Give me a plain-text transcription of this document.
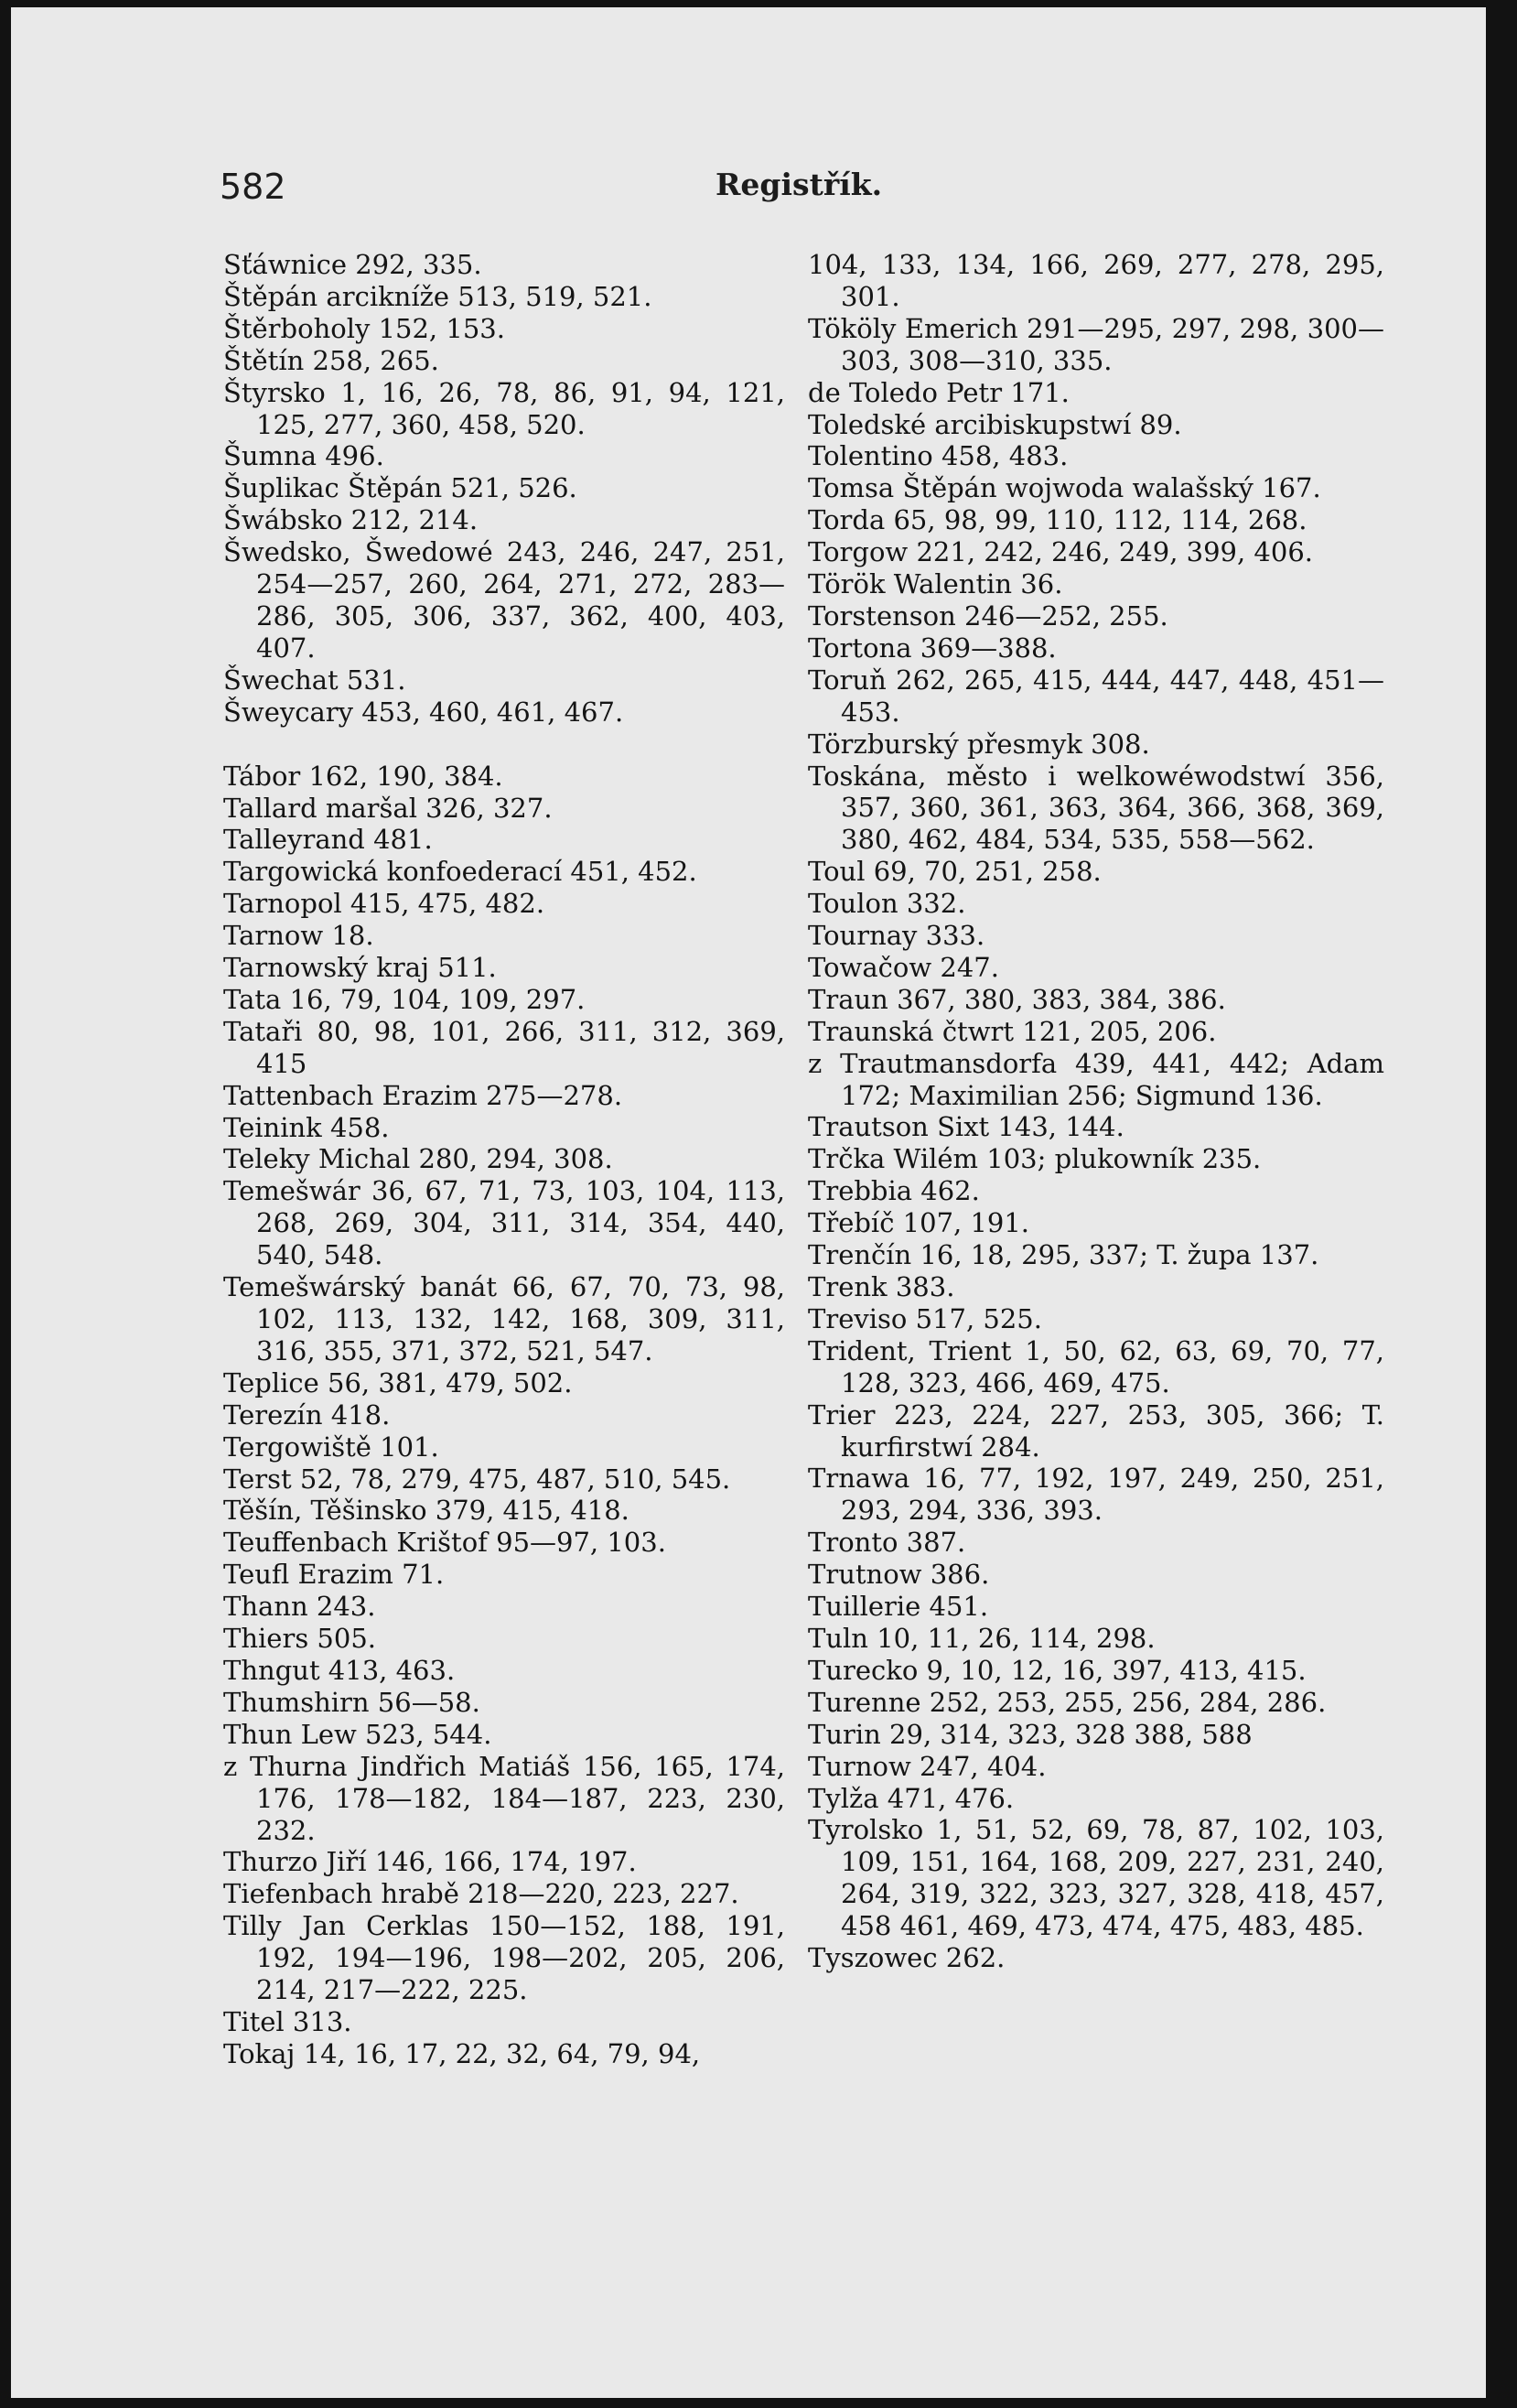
582	Registřík.
Sťáwnice 292, 335.
Štěpán arcikníže 513, 519, 521.
Štěrboholy 152, 153.
Štětín 258, 265.
Štyrsko 1, 16, 26, 78, 86, 91, 94, 121, 125, 277, 360, 458, 520.
Šumna 496.
Šuplikac Štěpán 521, 526.
Šwábsko 212, 214.
Šwedsko, Šwedowé 243, 246, 247, 251, 254—257, 260, 264, 271, 272, 283—286, 305, 306, 337, 362, 400, 403, 407.
Šwechat 531.
Šweycary 453, 460, 461, 467.
Tábor 162, 190, 384.
Tallard maršal 326, 327.
Talleyrand 481.
Targowická konfoederací 451, 452.
Tarnopol 415, 475, 482.
Tarnow 18.
Tarnowský kraj 511.
Tata 16, 79, 104, 109, 297.
Tataři 80, 98, 101, 266, 311, 312, 369, 415
Tattenbach Erazim 275—278.
Teinink 458.
Teleky Michal 280, 294, 308.
Temešwár 36, 67, 71, 73, 103, 104, 113, 268, 269, 304, 311, 314, 354, 440, 540, 548.
Temešwárský banát 66, 67, 70, 73, 98, 102, 113, 132, 142, 168, 309, 311, 316, 355, 371, 372, 521, 547.
Teplice 56, 381, 479, 502.
Terezín 418.
Tergowiště 101.
Terst 52, 78, 279, 475, 487, 510, 545.
Těšín, Těšinsko 379, 415, 418.
Teuffenbach Krištof 95—97, 103.
Teufl Erazim 71.
Thann 243.
Thiers 505.
Thngut 413, 463.
Thumshirn 56—58.
Thun Lew 523, 544.
z Thurna Jindřich Matiáš 156, 165, 174, 176, 178—182, 184—187, 223, 230, 232.
Thurzo Jiří 146, 166, 174, 197.
Tiefenbach hrabě 218—220, 223, 227.
Tilly Jan Cerklas 150—152, 188, 191, 192, 194—196, 198—202, 205, 206, 214, 217—222, 225.
Titel 313.
Tokaj 14, 16, 17, 22, 32, 64, 79, 94,
104, 133, 134, 166, 269, 277, 278, 295, 301.
Tököly Emerich 291—295, 297, 298, 300—303, 308—310, 335.
de Toledo Petr 171.
Toledské arcibiskupstwí 89.
Tolentino 458, 483.
Tomsa Štěpán wojwoda walašský 167.
Torda 65, 98, 99, 110, 112, 114, 268.
Torgow 221, 242, 246, 249, 399, 406.
Török Walentin 36.
Torstenson 246—252, 255.
Tortona 369—388.
Toruň 262, 265, 415, 444, 447, 448, 451—453.
Törzburský přesmyk 308.
Toskána, město i welkowéwodstwí 356, 357, 360, 361, 363, 364, 366, 368, 369, 380, 462, 484, 534, 535, 558—562.
Toul 69, 70, 251, 258.
Toulon 332.
Tournay 333.
Towačow 247.
Traun 367, 380, 383, 384, 386.
Traunská čtwrt 121, 205, 206.
z Trautmansdorfa 439, 441, 442; Adam 172; Maximilian 256; Sigmund 136.
Trautson Sixt 143, 144.
Trčka Wilém 103; plukowník 235.
Trebbia 462.
Třebíč 107, 191.
Trenčín 16, 18, 295, 337; T. župa 137.
Trenk 383.
Treviso 517, 525.
Trident, Trient 1, 50, 62, 63, 69, 70, 77, 128, 323, 466, 469, 475.
Trier 223, 224, 227, 253, 305, 366; T. kurfirstwí 284.
Trnawa 16, 77, 192, 197, 249, 250, 251, 293, 294, 336, 393.
Tronto 387.
Trutnow 386.
Tuillerie 451.
Tuln 10, 11, 26, 114, 298.
Turecko 9, 10, 12, 16, 397, 413, 415.
Turenne 252, 253, 255, 256, 284, 286.
Turin 29, 314, 323, 328 388, 588
Turnow 247, 404.
Tylža 471, 476.
Tyrolsko 1, 51, 52, 69, 78, 87, 102, 103, 109, 151, 164, 168, 209, 227, 231, 240, 264, 319, 322, 323, 327, 328, 418, 457, 458 461, 469, 473, 474, 475, 483, 485.
Tyszowec 262.
